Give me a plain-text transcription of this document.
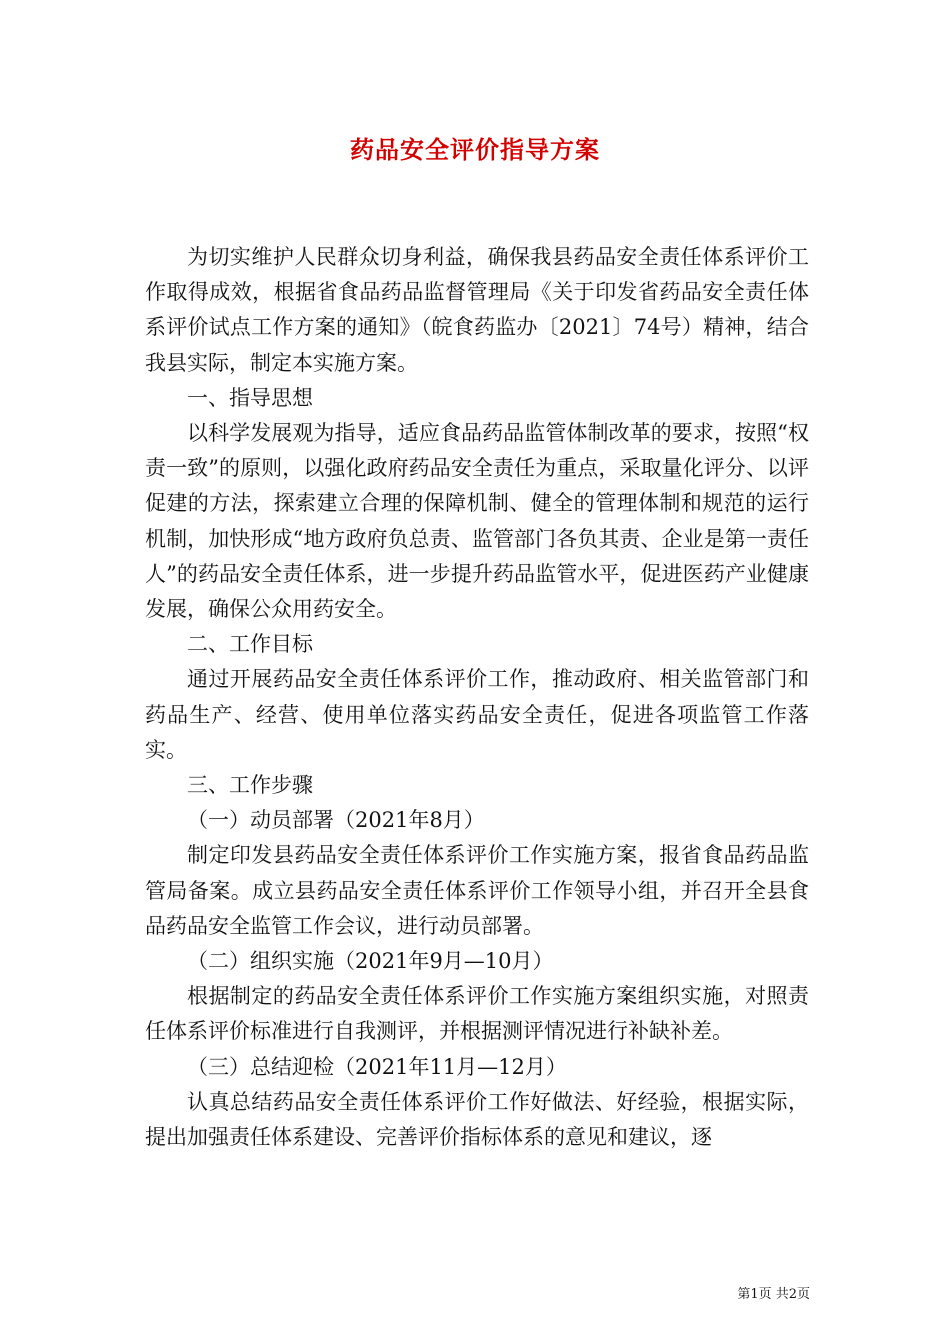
药品安全评价指导方案

为切实维护人民群众切身利益，确保我县药品安全责任体系评价工作取得成效，根据省食品药品监督管理局《关于印发省药品安全责任体系评价试点工作方案的通知》（皖食药监办〔2021〕74号）精神，结合我县实际，制定本实施方案。

一、指导思想

以科学发展观为指导，适应食品药品监管体制改革的要求，按照“权责一致”的原则，以强化政府药品安全责任为重点，采取量化评分、以评促建的方法，探索建立合理的保障机制、健全的管理体制和规范的运行机制，加快形成“地方政府负总责、监管部门各负其责、企业是第一责任人”的药品安全责任体系，进一步提升药品监管水平，促进医药产业健康发展，确保公众用药安全。

二、工作目标

通过开展药品安全责任体系评价工作，推动政府、相关监管部门和药品生产、经营、使用单位落实药品安全责任，促进各项监管工作落实。

三、工作步骤

（一）动员部署（2021年8月）

制定印发县药品安全责任体系评价工作实施方案，报省食品药品监管局备案。成立县药品安全责任体系评价工作领导小组，并召开全县食品药品安全监管工作会议，进行动员部署。

（二）组织实施（2021年9月—10月）

根据制定的药品安全责任体系评价工作实施方案组织实施，对照责任体系评价标准进行自我测评，并根据测评情况进行补缺补差。

（三）总结迎检（2021年11月—12月）

认真总结药品安全责任体系评价工作好做法、好经验，根据实际，提出加强责任体系建设、完善评价指标体系的意见和建议，逐

第1页 共2页
